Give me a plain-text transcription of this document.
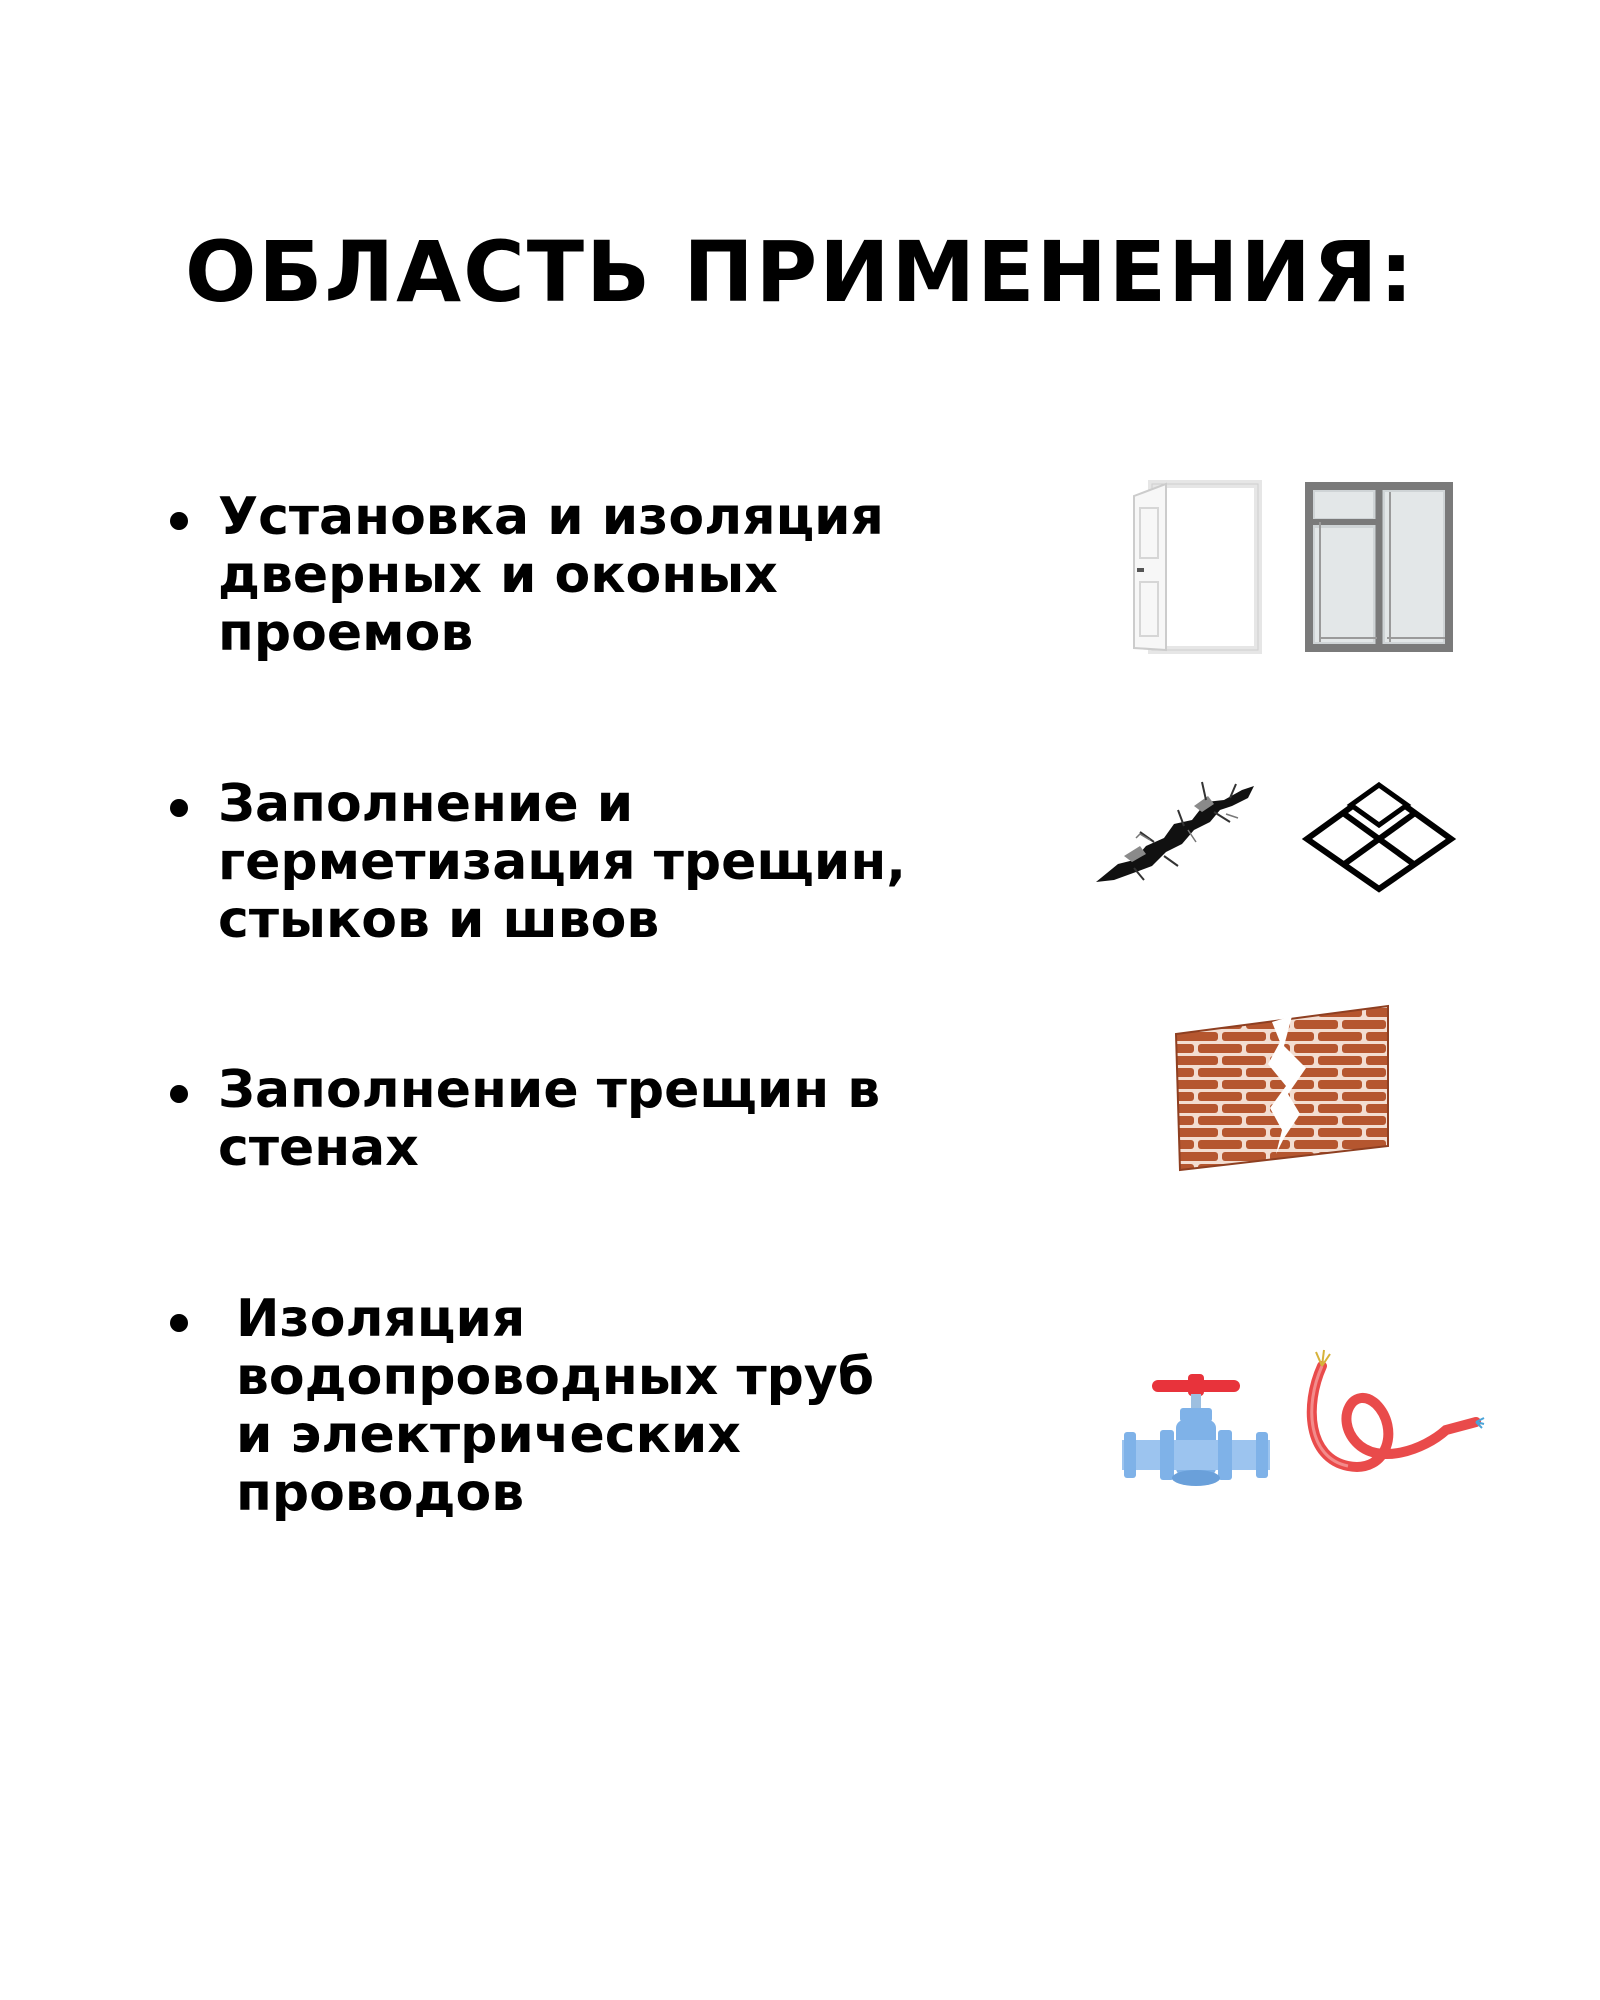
ОБЛАСТЬ ПРИМЕНЕНИЯ:
Установка и изоляция
дверных и оконых
проемов
Заполнение и
герметизация трещин,
стыков и швов
Заполнение трещин в
стенах
Изоляция
водопроводных труб
и электрических
проводов
